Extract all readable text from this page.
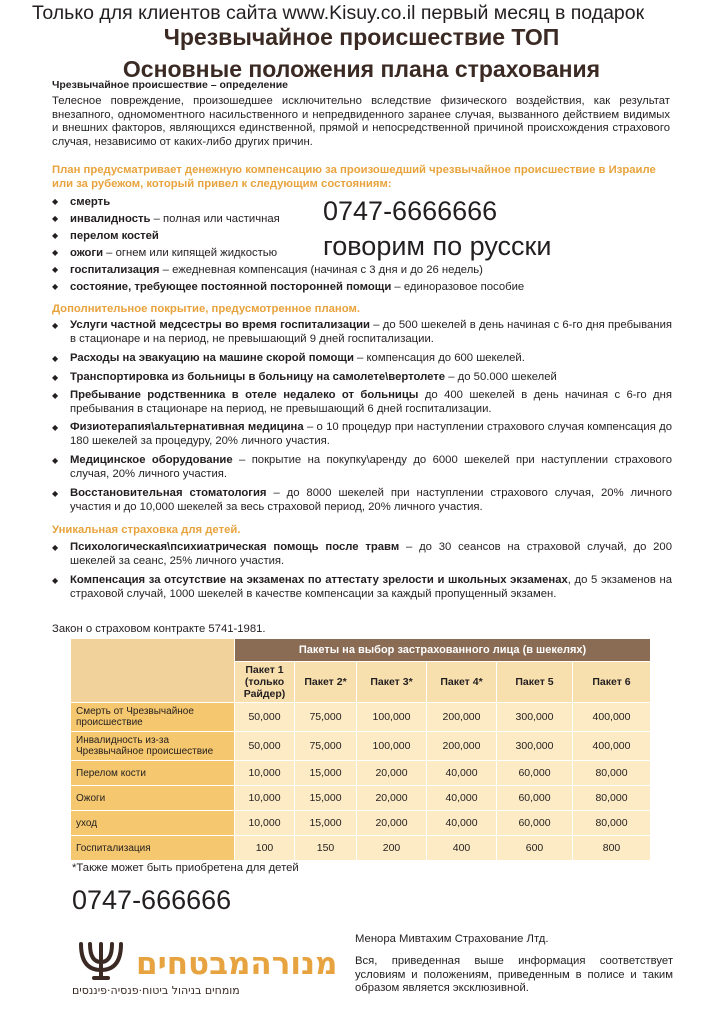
Только для клиентов сайта www.Kisuy.co.il первый месяц в подарок
Чрезвычайное происшествие ТОП
Основные положения плана страхования
Чрезвычайное происшествие – определение
Телесное повреждение, произошедшее исключительно вследствие физического воздействия, как результат внезапного, одномоментного насильственного и непредвиденного заранее случая, вызванного действием видимых и внешних факторов, являющихся единственной, прямой и непосредственной причиной происхождения страхового случая, независимо от каких-либо других причин.
План предусматривает денежную компенсацию за произошедший чрезвычайное происшествие в Израиле или за рубежом, который привел к следующим состояниям:
◆ смерть
◆ инвалидность – полная или частичная
◆ перелом костей
◆ ожоги – огнем или кипящей жидкостью
◆ госпитализация – ежедневная компенсация (начиная с 3 дня и до 26 недель)
◆ состояние, требующее постоянной посторонней помощи – единоразовое пособие
0747-6666666
говорим по русски
Дополнительное покрытие, предусмотренное планом.
◆ Услуги частной медсестры во время госпитализации – до 500 шекелей в день начиная с 6-го дня пребывания в стационаре и на период, не превышающий 9 дней госпитализации.
◆ Расходы на эвакуацию на машине скорой помощи – компенсация до 600 шекелей.
◆ Транспортировка из больницы в больницу на самолете\вертолете – до 50.000 шекелей
◆ Пребывание родственника в отеле недалеко от больницы до 400 шекелей в день начиная с 6-го дня пребывания в стационаре на период, не превышающий 6 дней госпитализации.
◆ Физиотерапия\альтернативная медицина – о 10 процедур при наступлении страхового случая компенсация до 180 шекелей за процедуру, 20% личного участия.
◆ Медицинское оборудование – покрытие на покупку\аренду до 6000 шекелей при наступлении страхового случая, 20% личного участия.
◆ Восстановительная стоматология – до 8000 шекелей при наступлении страхового случая, 20% личного участия и до 10,000 шекелей за весь страховой период, 20% личного участия.
Уникальная страховка для детей.
◆ Психологическая\психиатрическая помощь после травм – до 30 сеансов на страховой случай, до 200 шекелей за сеанс, 25% личного участия.
◆ Компенсация за отсутствие на экзаменах по аттестату зрелости и школьных экзаменах, до 5 экзаменов на страховой случай, 1000 шекелей в качестве компенсации за каждый пропущенный экзамен.
Закон о страховом контракте 5741-1981.
	Пакеты на выбор застрахованного лица (в шекелях)					
	Пакет 1 (только Райдер)	Пакет 2*	Пакет 3*	Пакет 4*	Пакет 5	Пакет 6
Смерть от Чрезвычайное происшествие	50,000	75,000	100,000	200,000	300,000	400,000
Инвалидность из-за Чрезвычайное происшествие	50,000	75,000	100,000	200,000	300,000	400,000
Перелом кости	10,000	15,000	20,000	40,000	60,000	80,000
Ожоги	10,000	15,000	20,000	40,000	60,000	80,000
уход	10,000	15,000	20,000	40,000	60,000	80,000
Госпитализация	100	150	200	400	600	800
*Также может быть приобретена для детей
0747-666666
מנורהמבטחים
מומחים בניהול ביטוח·פנסיה·פיננסים
Менора Мивтахим Страхование Лтд.
Вся, приведенная выше информация соответствует условиям и положениям, приведенным в полисе и таким образом является эксклюзивной.
